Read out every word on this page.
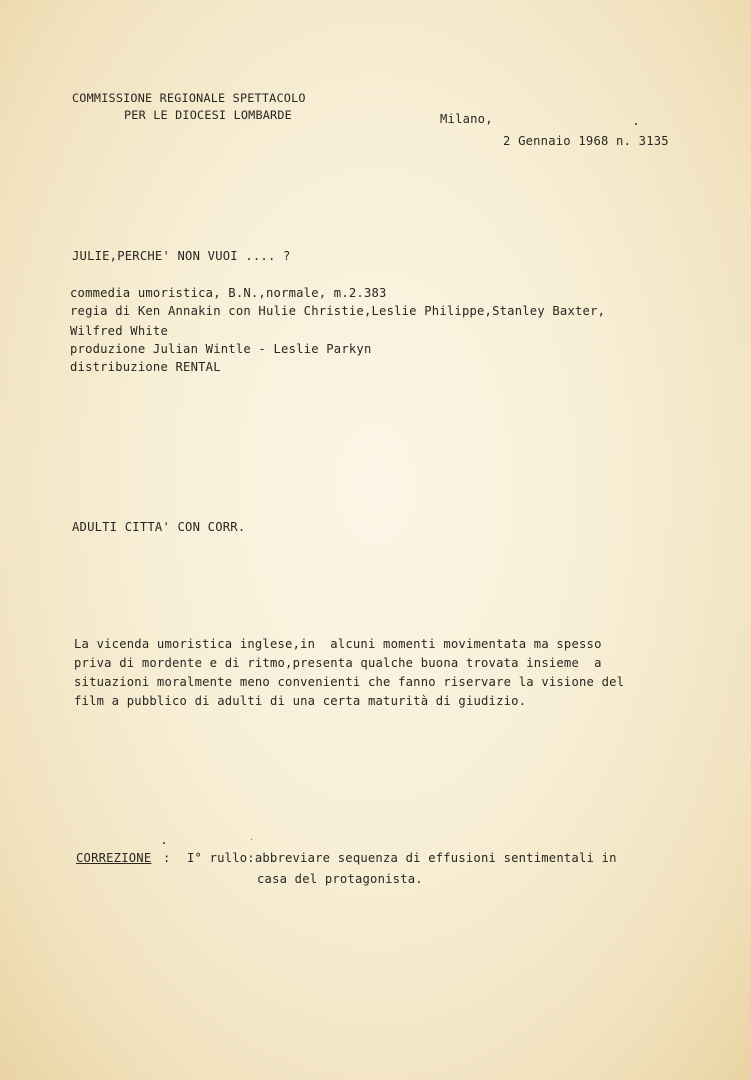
COMMISSIONE REGIONALE SPETTACOLO
PER LE DIOCESI LOMBARDE	Milano,
2 Gennaio 1968 n. 3135
JULIE,PERCHE' NON VUOI .... ?
commedia umoristica, B.N.,normale, m.2.383
regia di Ken Annakin con Hulie Christie,Leslie Philippe,Stanley Baxter,
Wilfred White
produzione Julian Wintle - Leslie Parkyn
distribuzione RENTAL
ADULTI CITTA' CON CORR.
La vicenda umoristica inglese,in  alcuni momenti movimentata ma spesso
priva di mordente e di ritmo,presenta qualche buona trovata insieme  a
situazioni moralmente meno convenienti che fanno riservare la visione del
film a pubblico di adulti di una certa maturità di giudizio.
CORREZIONE : I° rullo:abbreviare sequenza di effusioni sentimentali in
casa del protagonista.
